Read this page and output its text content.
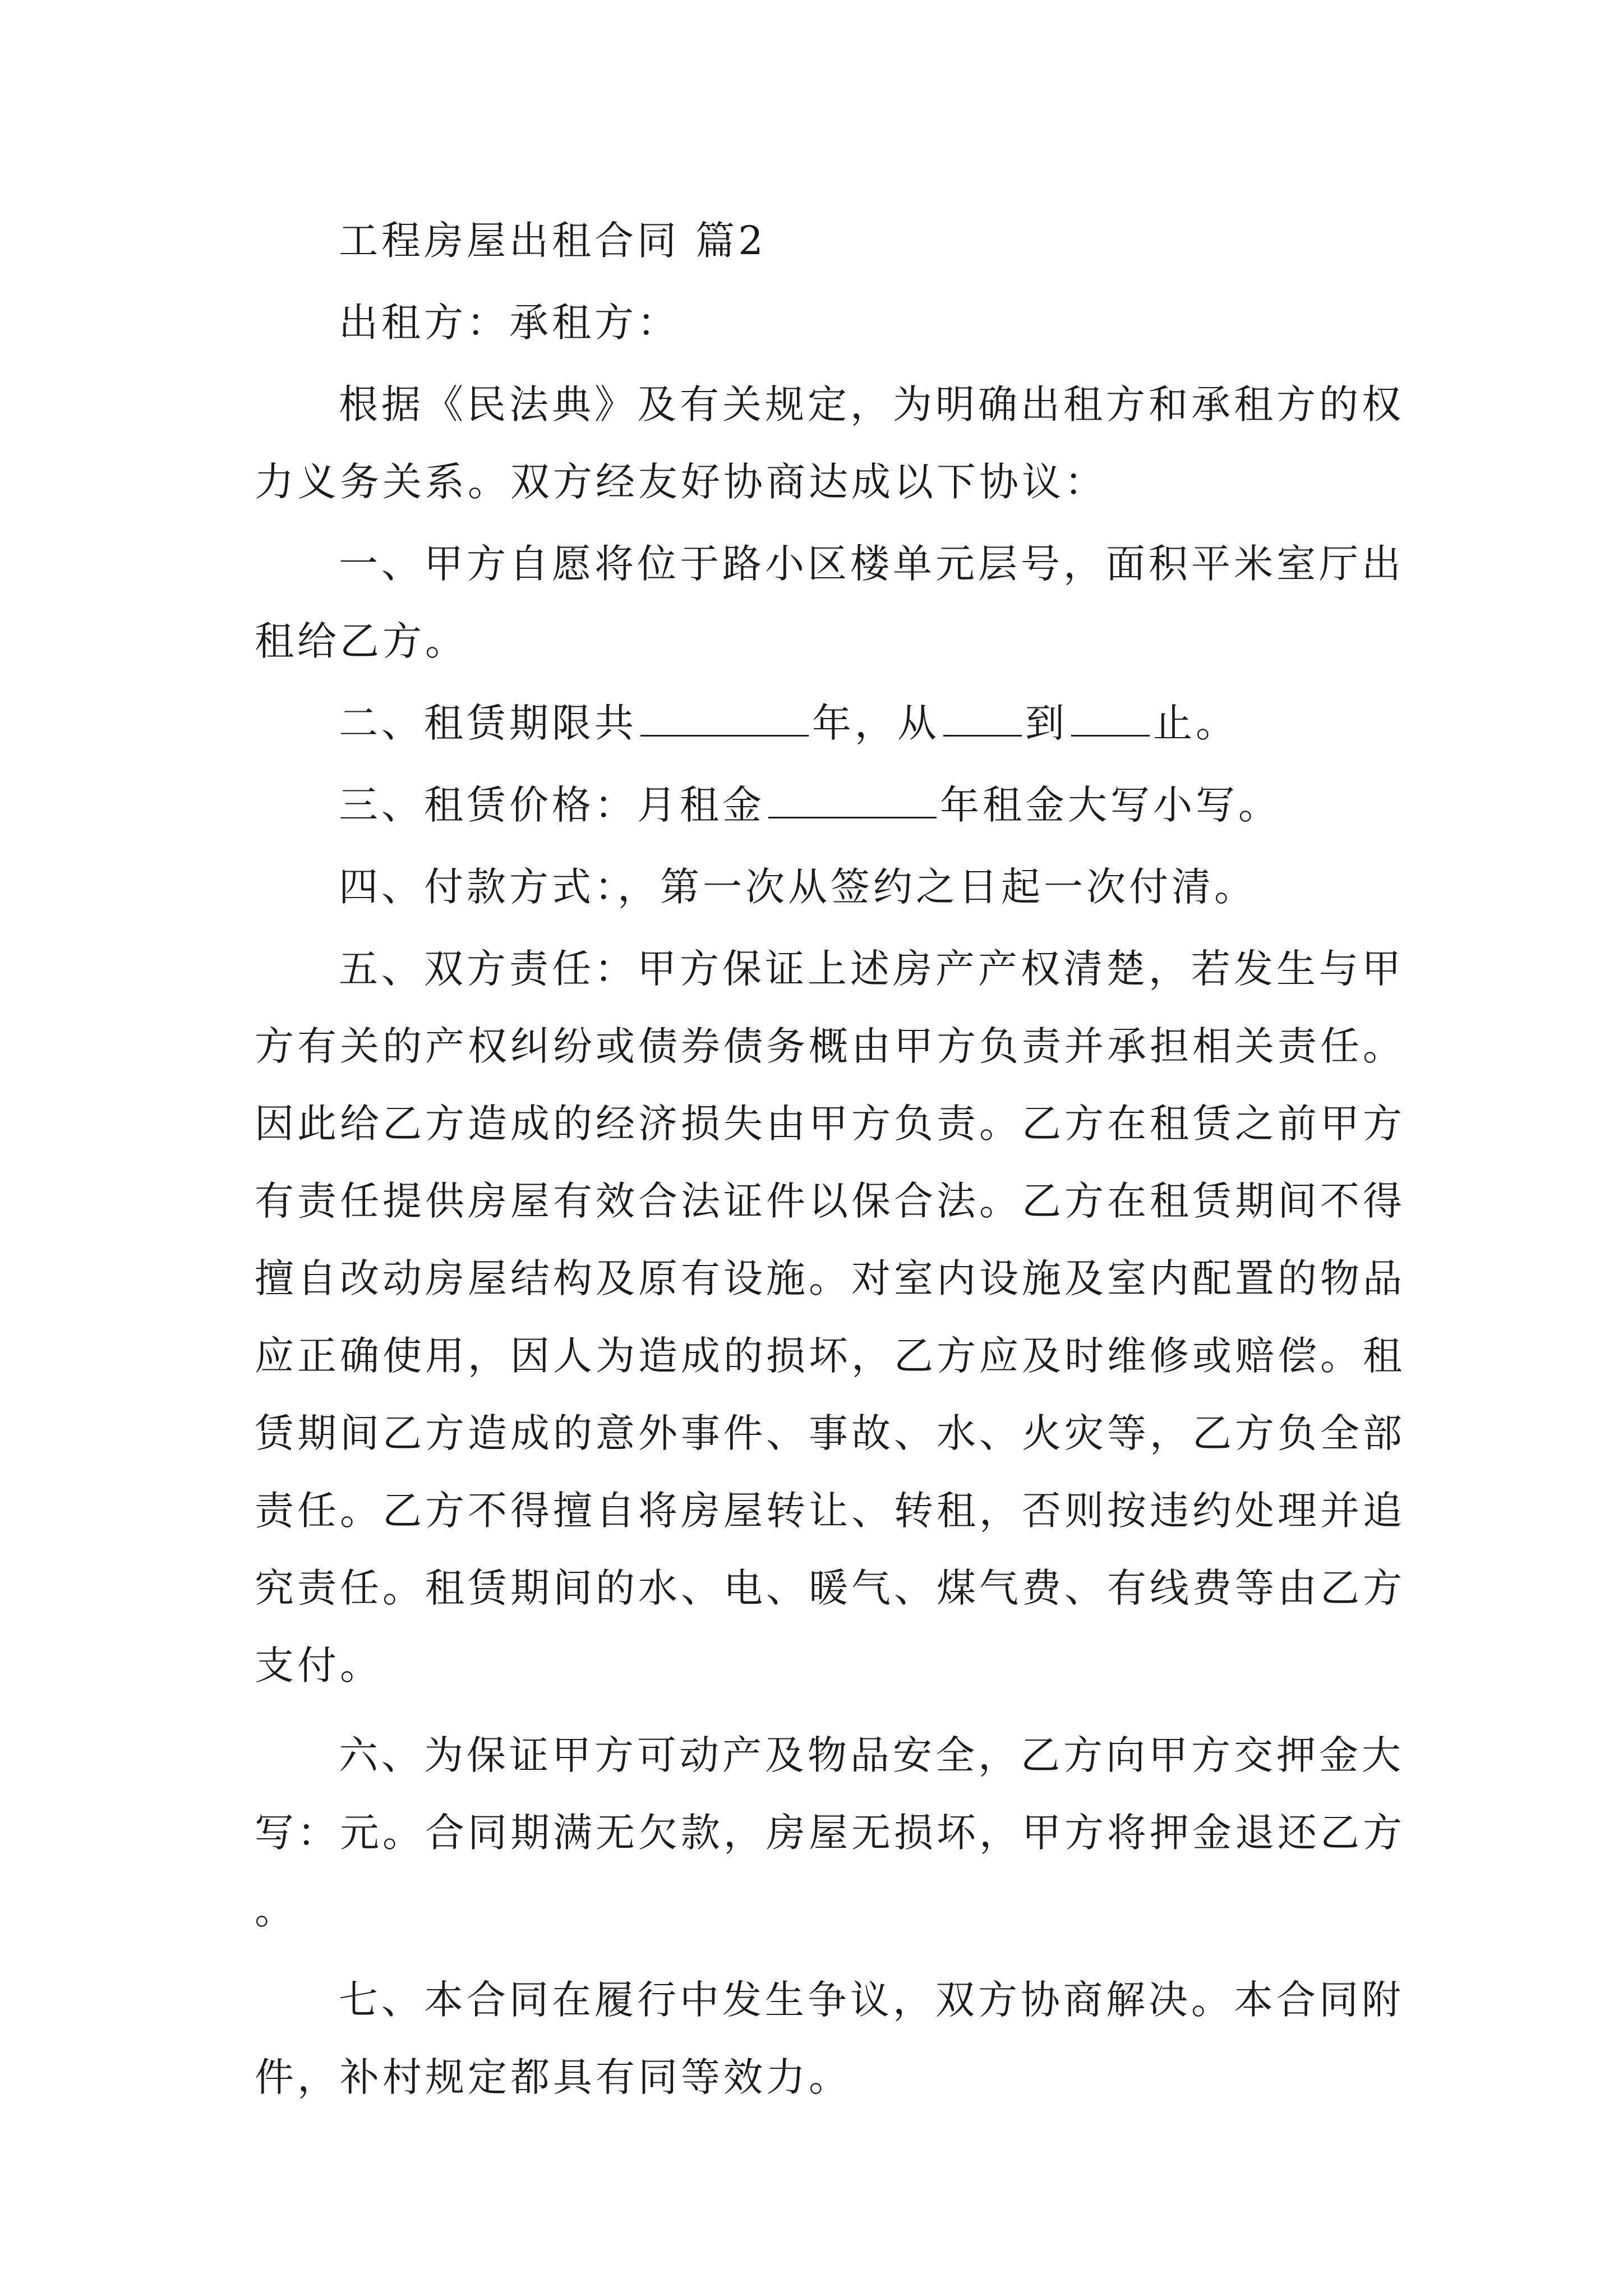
工程房屋出租合同 篇2

出租方：承租方：

根据《民法典》及有关规定，为明确出租方和承租方的权力义务关系。双方经友好协商达成以下协议：

一、甲方自愿将位于路小区楼单元层号，面积平米室厅出租给乙方。

二、租赁期限共	年，从 到 止。

三、租赁价格：月租金	年租金大写小写。

四、付款方式：，第一次从签约之日起一次付清。

五、双方责任：甲方保证上述房产产权清楚，若发生与甲方有关的产权纠纷或债券债务概由甲方负责并承担相关责任。因此给乙方造成的经济损失由甲方负责。乙方在租赁之前甲方有责任提供房屋有效合法证件以保合法。乙方在租赁期间不得擅自改动房屋结构及原有设施。对室内设施及室内配置的物品应正确使用，因人为造成的损坏，乙方应及时维修或赔偿。租赁期间乙方造成的意外事件、事故、水、火灾等，乙方负全部责任。乙方不得擅自将房屋转让、转租，否则按违约处理并追究责任。租赁期间的水、电、暖气、煤气费、有线费等由乙方支付。

六、为保证甲方可动产及物品安全，乙方向甲方交押金大写：元。合同期满无欠款，房屋无损坏，甲方将押金退还乙方。

七、本合同在履行中发生争议，双方协商解决。本合同附件，补村规定都具有同等效力。
